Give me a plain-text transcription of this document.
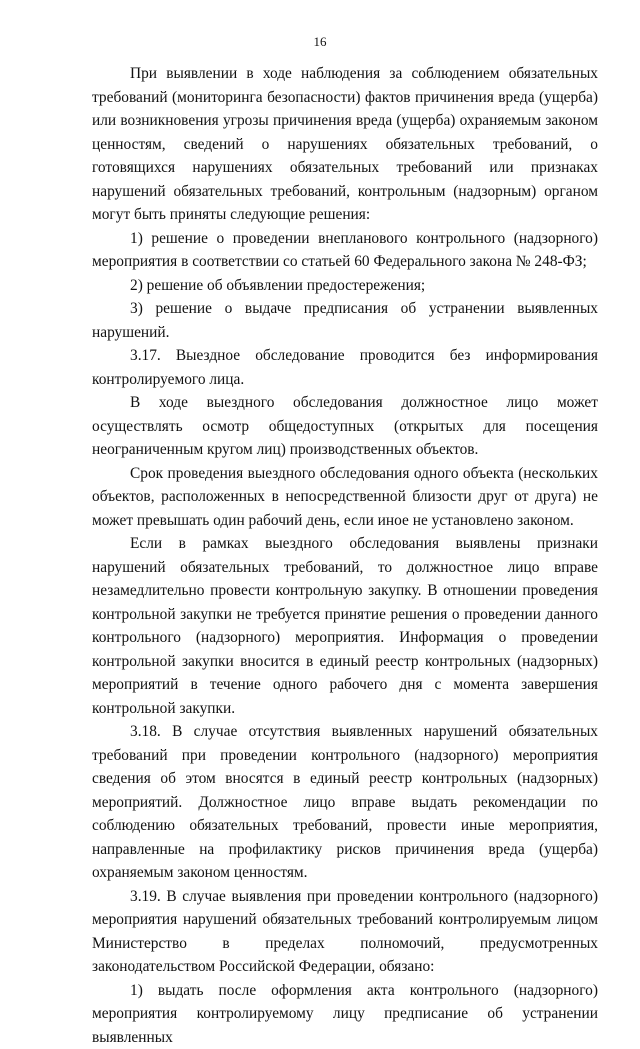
16

При выявлении в ходе наблюдения за соблюдением обязательных требований (мониторинга безопасности) фактов причинения вреда (ущерба) или возникновения угрозы причинения вреда (ущерба) охраняемым законом ценностям, сведений о нарушениях обязательных требований, о готовящихся нарушениях обязательных требований или признаках нарушений обязательных требований, контрольным (надзорным) органом могут быть приняты следующие решения:

1) решение о проведении внепланового контрольного (надзорного) мероприятия в соответствии со статьей 60 Федерального закона № 248-ФЗ;

2) решение об объявлении предостережения;

3) решение о выдаче предписания об устранении выявленных нарушений.

3.17. Выездное обследование проводится без информирования контролируемого лица.

В ходе выездного обследования должностное лицо может осуществлять осмотр общедоступных (открытых для посещения неограниченным кругом лиц) производственных объектов.

Срок проведения выездного обследования одного объекта (нескольких объектов, расположенных в непосредственной близости друг от друга) не может превышать один рабочий день, если иное не установлено законом.

Если в рамках выездного обследования выявлены признаки нарушений обязательных требований, то должностное лицо вправе незамедлительно провести контрольную закупку. В отношении проведения контрольной закупки не требуется принятие решения о проведении данного контрольного (надзорного) мероприятия. Информация о проведении контрольной закупки вносится в единый реестр контрольных (надзорных) мероприятий в течение одного рабочего дня с момента завершения контрольной закупки.

3.18. В случае отсутствия выявленных нарушений обязательных требований при проведении контрольного (надзорного) мероприятия сведения об этом вносятся в единый реестр контрольных (надзорных) мероприятий. Должностное лицо вправе выдать рекомендации по соблюдению обязательных требований, провести иные мероприятия, направленные на профилактику рисков причинения вреда (ущерба) охраняемым законом ценностям.

3.19. В случае выявления при проведении контрольного (надзорного) мероприятия нарушений обязательных требований контролируемым лицом Министерство в пределах полномочий, предусмотренных законодательством Российской Федерации, обязано:

1) выдать после оформления акта контрольного (надзорного) мероприятия контролируемому лицу предписание об устранении выявленных
